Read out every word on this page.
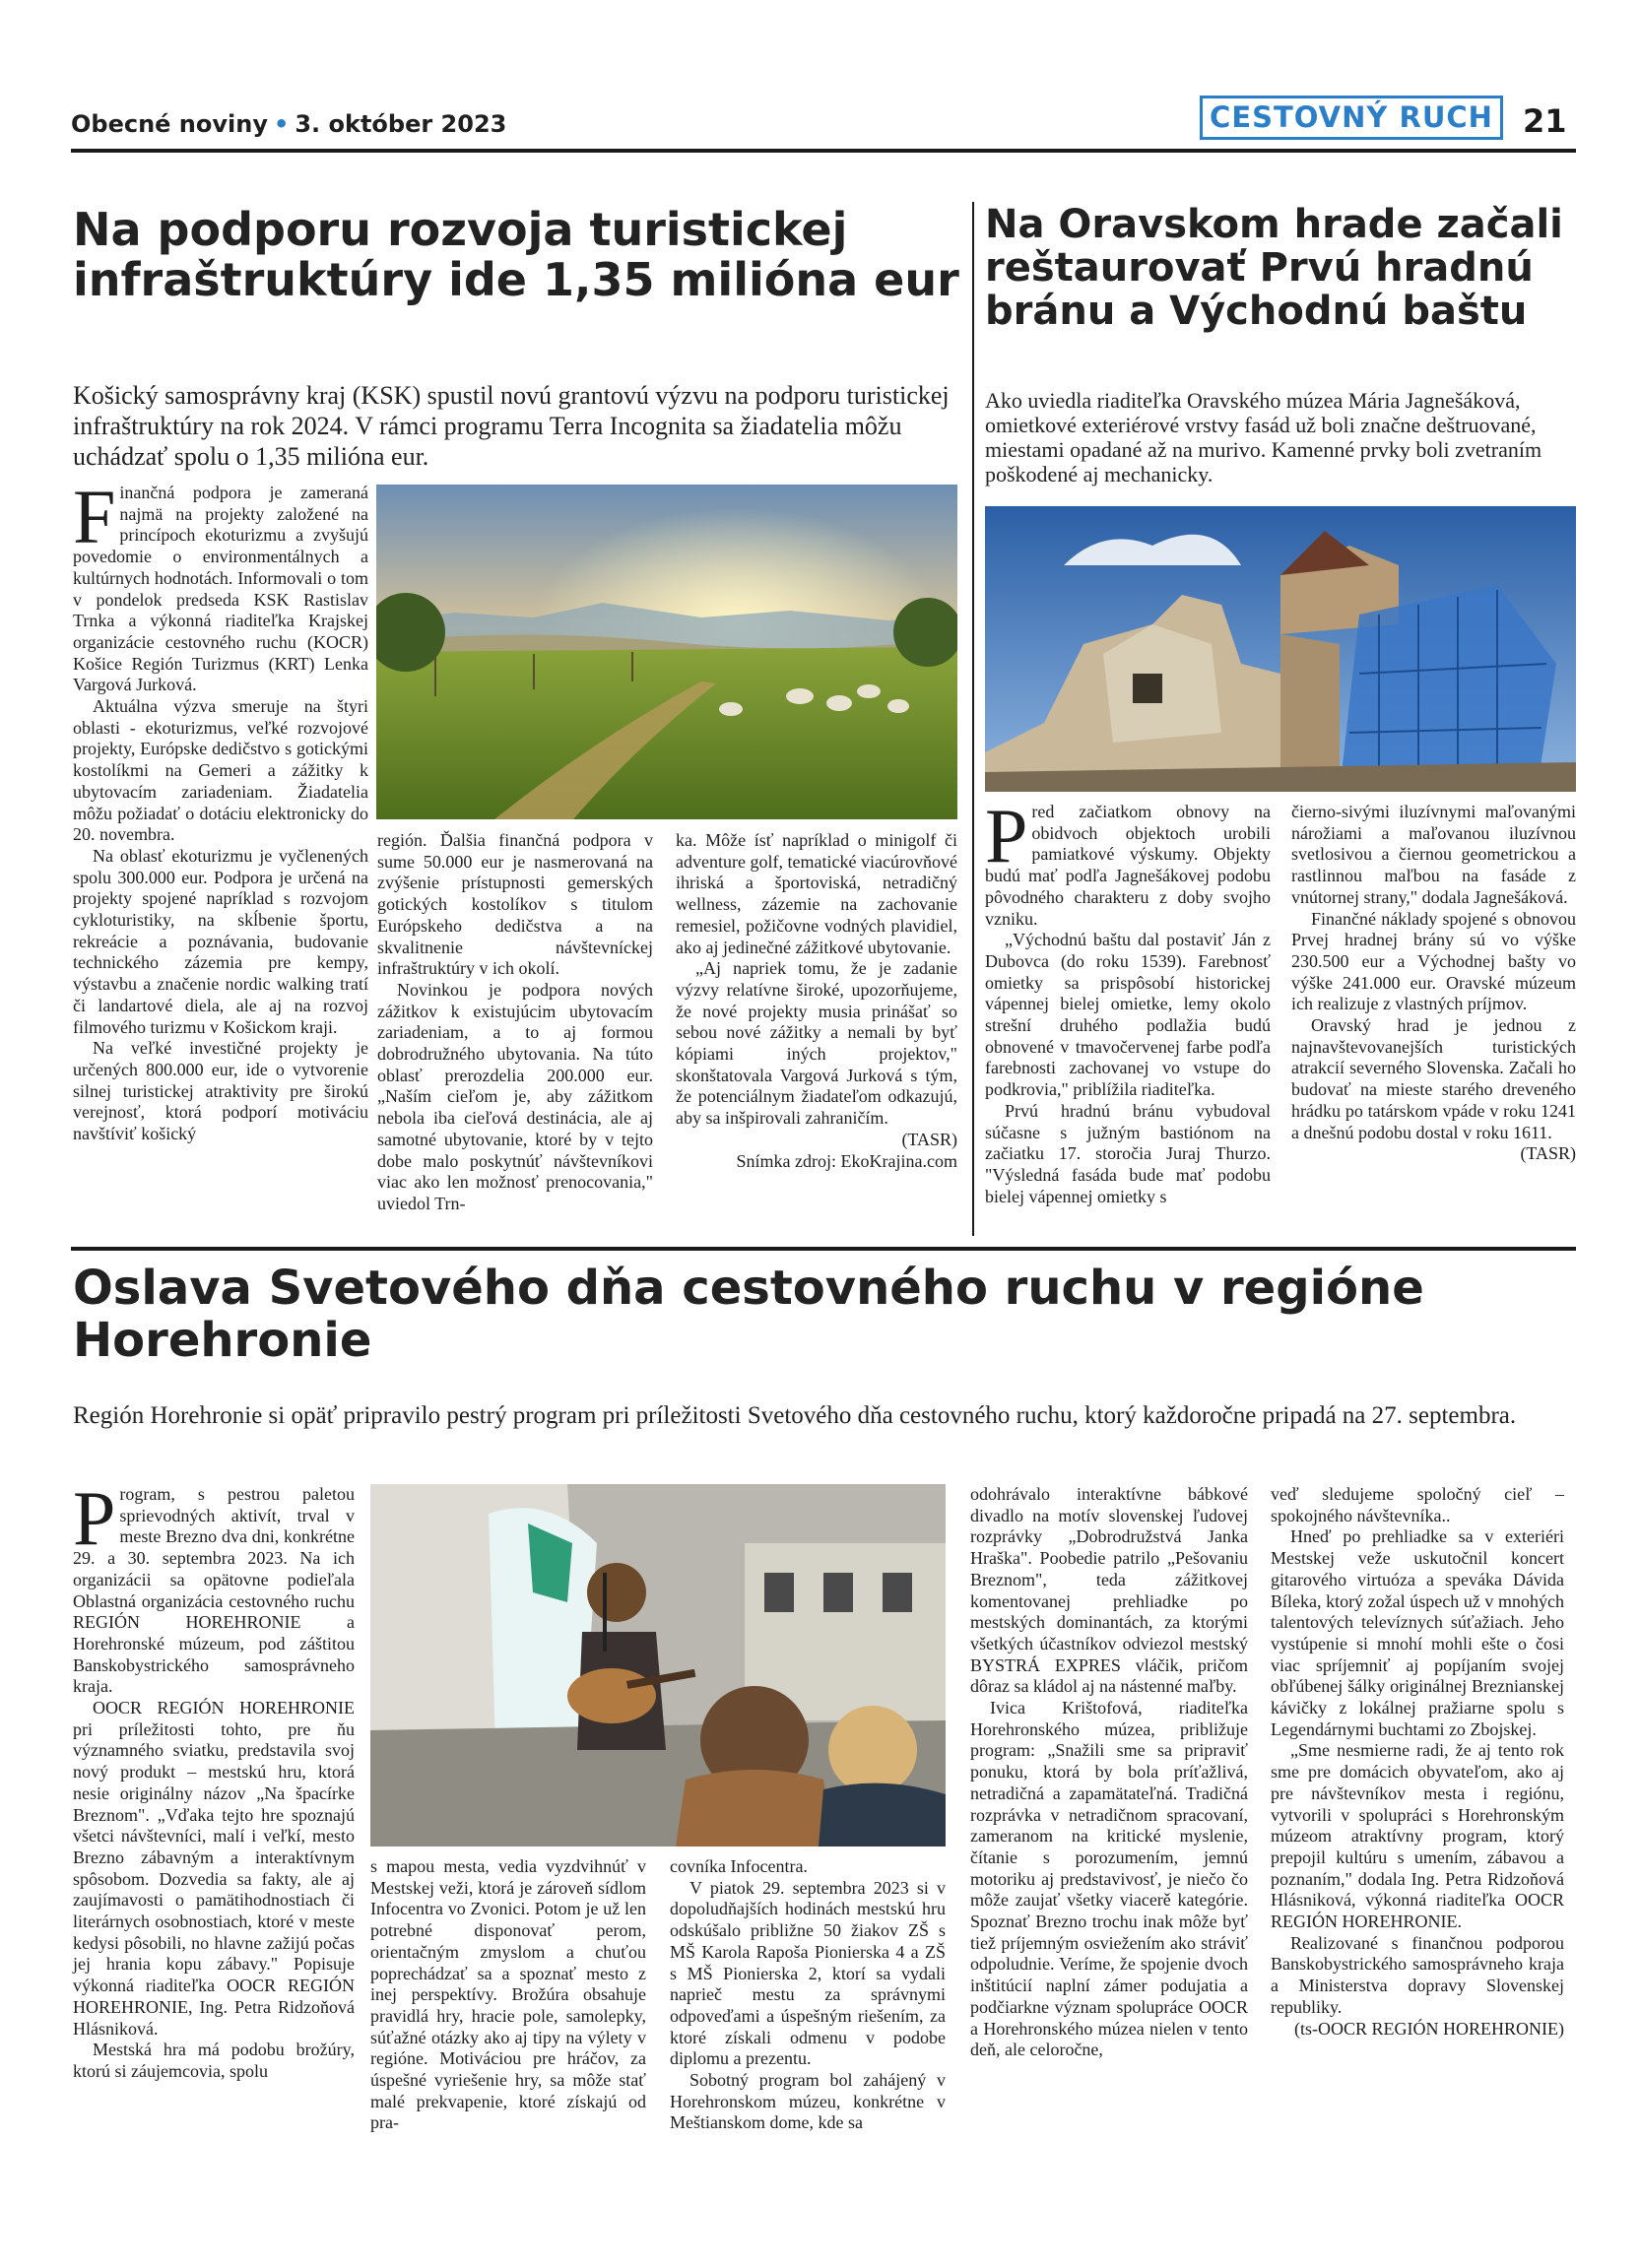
Obecné noviny • 3. október 2023	CESTOVNÝ RUCH 21
Na podporu rozvoja turistickej infraštruktúry ide 1,35 milióna eur
Košický samosprávny kraj (KSK) spustil novú grantovú výzvu na podporu turistickej infraštruktúry na rok 2024. V rámci programu Terra Incognita sa žiadatelia môžu uchádzať spolu o 1,35 milióna eur.

Finančná podpora je zameraná najmä na projekty založené na princípoch ekoturizmu a zvyšujú povedomie o environmentálnych a kultúrnych hodnotách. Informovali o tom v pondelok predseda KSK Rastislav Trnka a výkonná riaditeľka Krajskej organizácie cestovného ruchu (KOCR) Košice Región Turizmus (KRT) Lenka Vargová Jurková.

Aktuálna výzva smeruje na štyri oblasti - ekoturizmus, veľké rozvojové projekty, Európske dedičstvo s gotickými kostolíkmi na Gemeri a zážitky k ubytovacím zariadeniam. Žiadatelia môžu požiadať o dotáciu elektronicky do 20. novembra.

Na oblasť ekoturizmu je vyčlenených spolu 300.000 eur. Podpora je určená na projekty spojené napríklad s rozvojom cykloturistiky, na skĺbenie športu, rekreácie a poznávania, budovanie technického zázemia pre kempy, výstavbu a značenie nordic walking tratí či landartové diela, ale aj na rozvoj filmového turizmu v Košickom kraji.

Na veľké investičné projekty je určených 800.000 eur, ide o vytvorenie silnej turistickej atraktivity pre širokú verejnosť, ktorá podporí motiváciu navštíviť košický

región. Ďalšia finančná podpora v sume 50.000 eur je nasmerovaná na zvýšenie prístupnosti gemerských gotických kostolíkov s titulom Európskeho dedičstva a na skvalitnenie návštevníckej infraštruktúry v ich okolí.

Novinkou je podpora nových zážitkov k existujúcim ubytovacím zariadeniam, a to aj formou dobrodružného ubytovania. Na túto oblasť prerozdelia 200.000 eur. „Naším cieľom je, aby zážitkom nebola iba cieľová destinácia, ale aj samotné ubytovanie, ktoré by v tejto dobe malo poskytnúť návštevníkovi viac ako len možnosť prenocovania," uviedol Trn-

ka. Môže ísť napríklad o minigolf či adventure golf, tematické viacúrovňové ihriská a športoviská, netradičný wellness, zázemie na zachovanie remesiel, požičovne vodných plavidiel, ako aj jedinečné zážitkové ubytovanie.

„Aj napriek tomu, že je zadanie výzvy relatívne široké, upozorňujeme, že nové projekty musia prinášať so sebou nové zážitky a nemali by byť kópiami iných projektov," skonštatovala Vargová Jurková s tým, že potenciálnym žiadateľom odkazujú, aby sa inšpirovali zahraničím.

(TASR)

Snímka zdroj: EkoKrajina.com

Na Oravskom hrade začali reštaurovať Prvú hradnú bránu a Východnú baštu
Ako uviedla riaditeľka Oravského múzea Mária Jagnešáková, omietkové exteriérové vrstvy fasád už boli značne deštruované, miestami opadané až na murivo. Kamenné prvky boli zvetraním poškodené aj mechanicky.

Pred začiatkom obnovy na obidvoch objektoch urobili pamiatkové výskumy. Objekty budú mať podľa Jagnešákovej podobu pôvodného charakteru z doby svojho vzniku.

„Východnú baštu dal postaviť Ján z Dubovca (do roku 1539). Farebnosť omietky sa prispôsobí historickej vápennej bielej omietke, lemy okolo strešní druhého podlažia budú obnovené v tmavočervenej farbe podľa farebnosti zachovanej vo vstupe do podkrovia," priblížila riaditeľka.

Prvú hradnú bránu vybudoval súčasne s južným bastiónom na začiatku 17. storočia Juraj Thurzo. "Výsledná fasáda bude mať podobu bielej vápennej omietky s

čierno-sivými iluzívnymi maľovanými nárožiami a maľovanou iluzívnou svetlosivou a čiernou geometrickou a rastlinnou maľbou na fasáde z vnútornej strany," dodala Jagnešáková.

Finančné náklady spojené s obnovou Prvej hradnej brány sú vo výške 230.500 eur a Východnej bašty vo výške 241.000 eur. Oravské múzeum ich realizuje z vlastných príjmov.

Oravský hrad je jednou z najnavštevovanejších turistických atrakcií severného Slovenska. Začali ho budovať na mieste starého dreveného hrádku po tatárskom vpáde v roku 1241 a dnešnú podobu dostal v roku 1611.

(TASR)

Oslava Svetového dňa cestovného ruchu v regióne Horehronie
Región Horehronie si opäť pripravilo pestrý program pri príležitosti Svetového dňa cestovného ruchu, ktorý každoročne pripadá na 27. septembra.

Program, s pestrou paletou sprievodných aktivít, trval v meste Brezno dva dni, konkrétne 29. a 30. septembra 2023. Na ich organizácii sa opätovne podieľala Oblastná organizácia cestovného ruchu REGIÓN HOREHRONIE a Horehronské múzeum, pod záštitou Banskobystrického samosprávneho kraja.

OOCR REGIÓN HOREHRONIE pri príležitosti tohto, pre ňu významného sviatku, predstavila svoj nový produkt – mestskú hru, ktorá nesie originálny názov „Na špacírke Breznom". „Vďaka tejto hre spoznajú všetci návštevníci, malí i veľkí, mesto Brezno zábavným a interaktívnym spôsobom. Dozvedia sa fakty, ale aj zaujímavosti o pamätihodnostiach či literárnych osobnostiach, ktoré v meste kedysi pôsobili, no hlavne zažijú počas jej hrania kopu zábavy." Popisuje výkonná riaditeľka OOCR REGIÓN HOREHRONIE, Ing. Petra Ridzoňová Hlásniková.

Mestská hra má podobu brožúry, ktorú si záujemcovia, spolu

s mapou mesta, vedia vyzdvihnúť v Mestskej veži, ktorá je zároveň sídlom Infocentra vo Zvonici. Potom je už len potrebné disponovať perom, orientačným zmyslom a chuťou poprechádzať sa a spoznať mesto z inej perspektívy. Brožúra obsahuje pravidlá hry, hracie pole, samolepky, súťažné otázky ako aj tipy na výlety v regióne. Motiváciou pre hráčov, za úspešné vyriešenie hry, sa môže stať malé prekvapenie, ktoré získajú od pra-

covníka Infocentra.

V piatok 29. septembra 2023 si v dopoludňajších hodinách mestskú hru odskúšalo približne 50 žiakov ZŠ s MŠ Karola Rapoša Pionierska 4 a ZŠ s MŠ Pionierska 2, ktorí sa vydali naprieč mestu za správnymi odpoveďami a úspešným riešením, za ktoré získali odmenu v podobe diplomu a prezentu.

Sobotný program bol zahájený v Horehronskom múzeu, konkrétne v Meštianskom dome, kde sa

odohrávalo interaktívne bábkové divadlo na motív slovenskej ľudovej rozprávky „Dobrodružstvá Janka Hraška". Poobedie patrilo „Pešovaniu Breznom", teda zážitkovej komentovanej prehliadke po mestských dominantách, za ktorými všetkých účastníkov odviezol mestský BYSTRÁ EXPRES vláčik, pričom dôraz sa kládol aj na nástenné maľby.

Ivica Krištofová, riaditeľka Horehronského múzea, približuje program: „Snažili sme sa pripraviť ponuku, ktorá by bola príťažlivá, netradičná a zapamätateľná. Tradičná rozprávka v netradičnom spracovaní, zameranom na kritické myslenie, čítanie s porozumením, jemnú motoriku aj predstavivosť, je niečo čo môže zaujať všetky viacerě kategórie. Spoznať Brezno trochu inak môže byť tiež príjemným osviežením ako stráviť odpoludnie. Veríme, že spojenie dvoch inštitúcií naplní zámer podujatia a podčiarkne význam spolupráce OOCR a Horehronského múzea nielen v tento deň, ale celoročne,

veď sledujeme spoločný cieľ – spokojného návštevníka..

Hneď po prehliadke sa v exteriéri Mestskej veže uskutočnil koncert gitarového virtuóza a speváka Dávida Bíleka, ktorý zožal úspech už v mnohých talentových televíznych súťažiach. Jeho vystúpenie si mnohí mohli ešte o čosi viac spríjemniť aj popíjaním svojej obľúbenej šálky originálnej Breznianskej kávičky z lokálnej pražiarne spolu s Legendárnymi buchtami zo Zbojskej.

„Sme nesmierne radi, že aj tento rok sme pre domácich obyvateľom, ako aj pre návštevníkov mesta i regiónu, vytvorili v spolupráci s Horehronským múzeom atraktívny program, ktorý prepojil kultúru s umením, zábavou a poznaním," dodala Ing. Petra Ridzoňová Hlásniková, výkonná riaditeľka OOCR REGIÓN HOREHRONIE.

Realizované s finančnou podporou Banskobystrického samosprávneho kraja a Ministerstva dopravy Slovenskej republiky.

(ts-OOCR REGIÓN HOREHRONIE)
